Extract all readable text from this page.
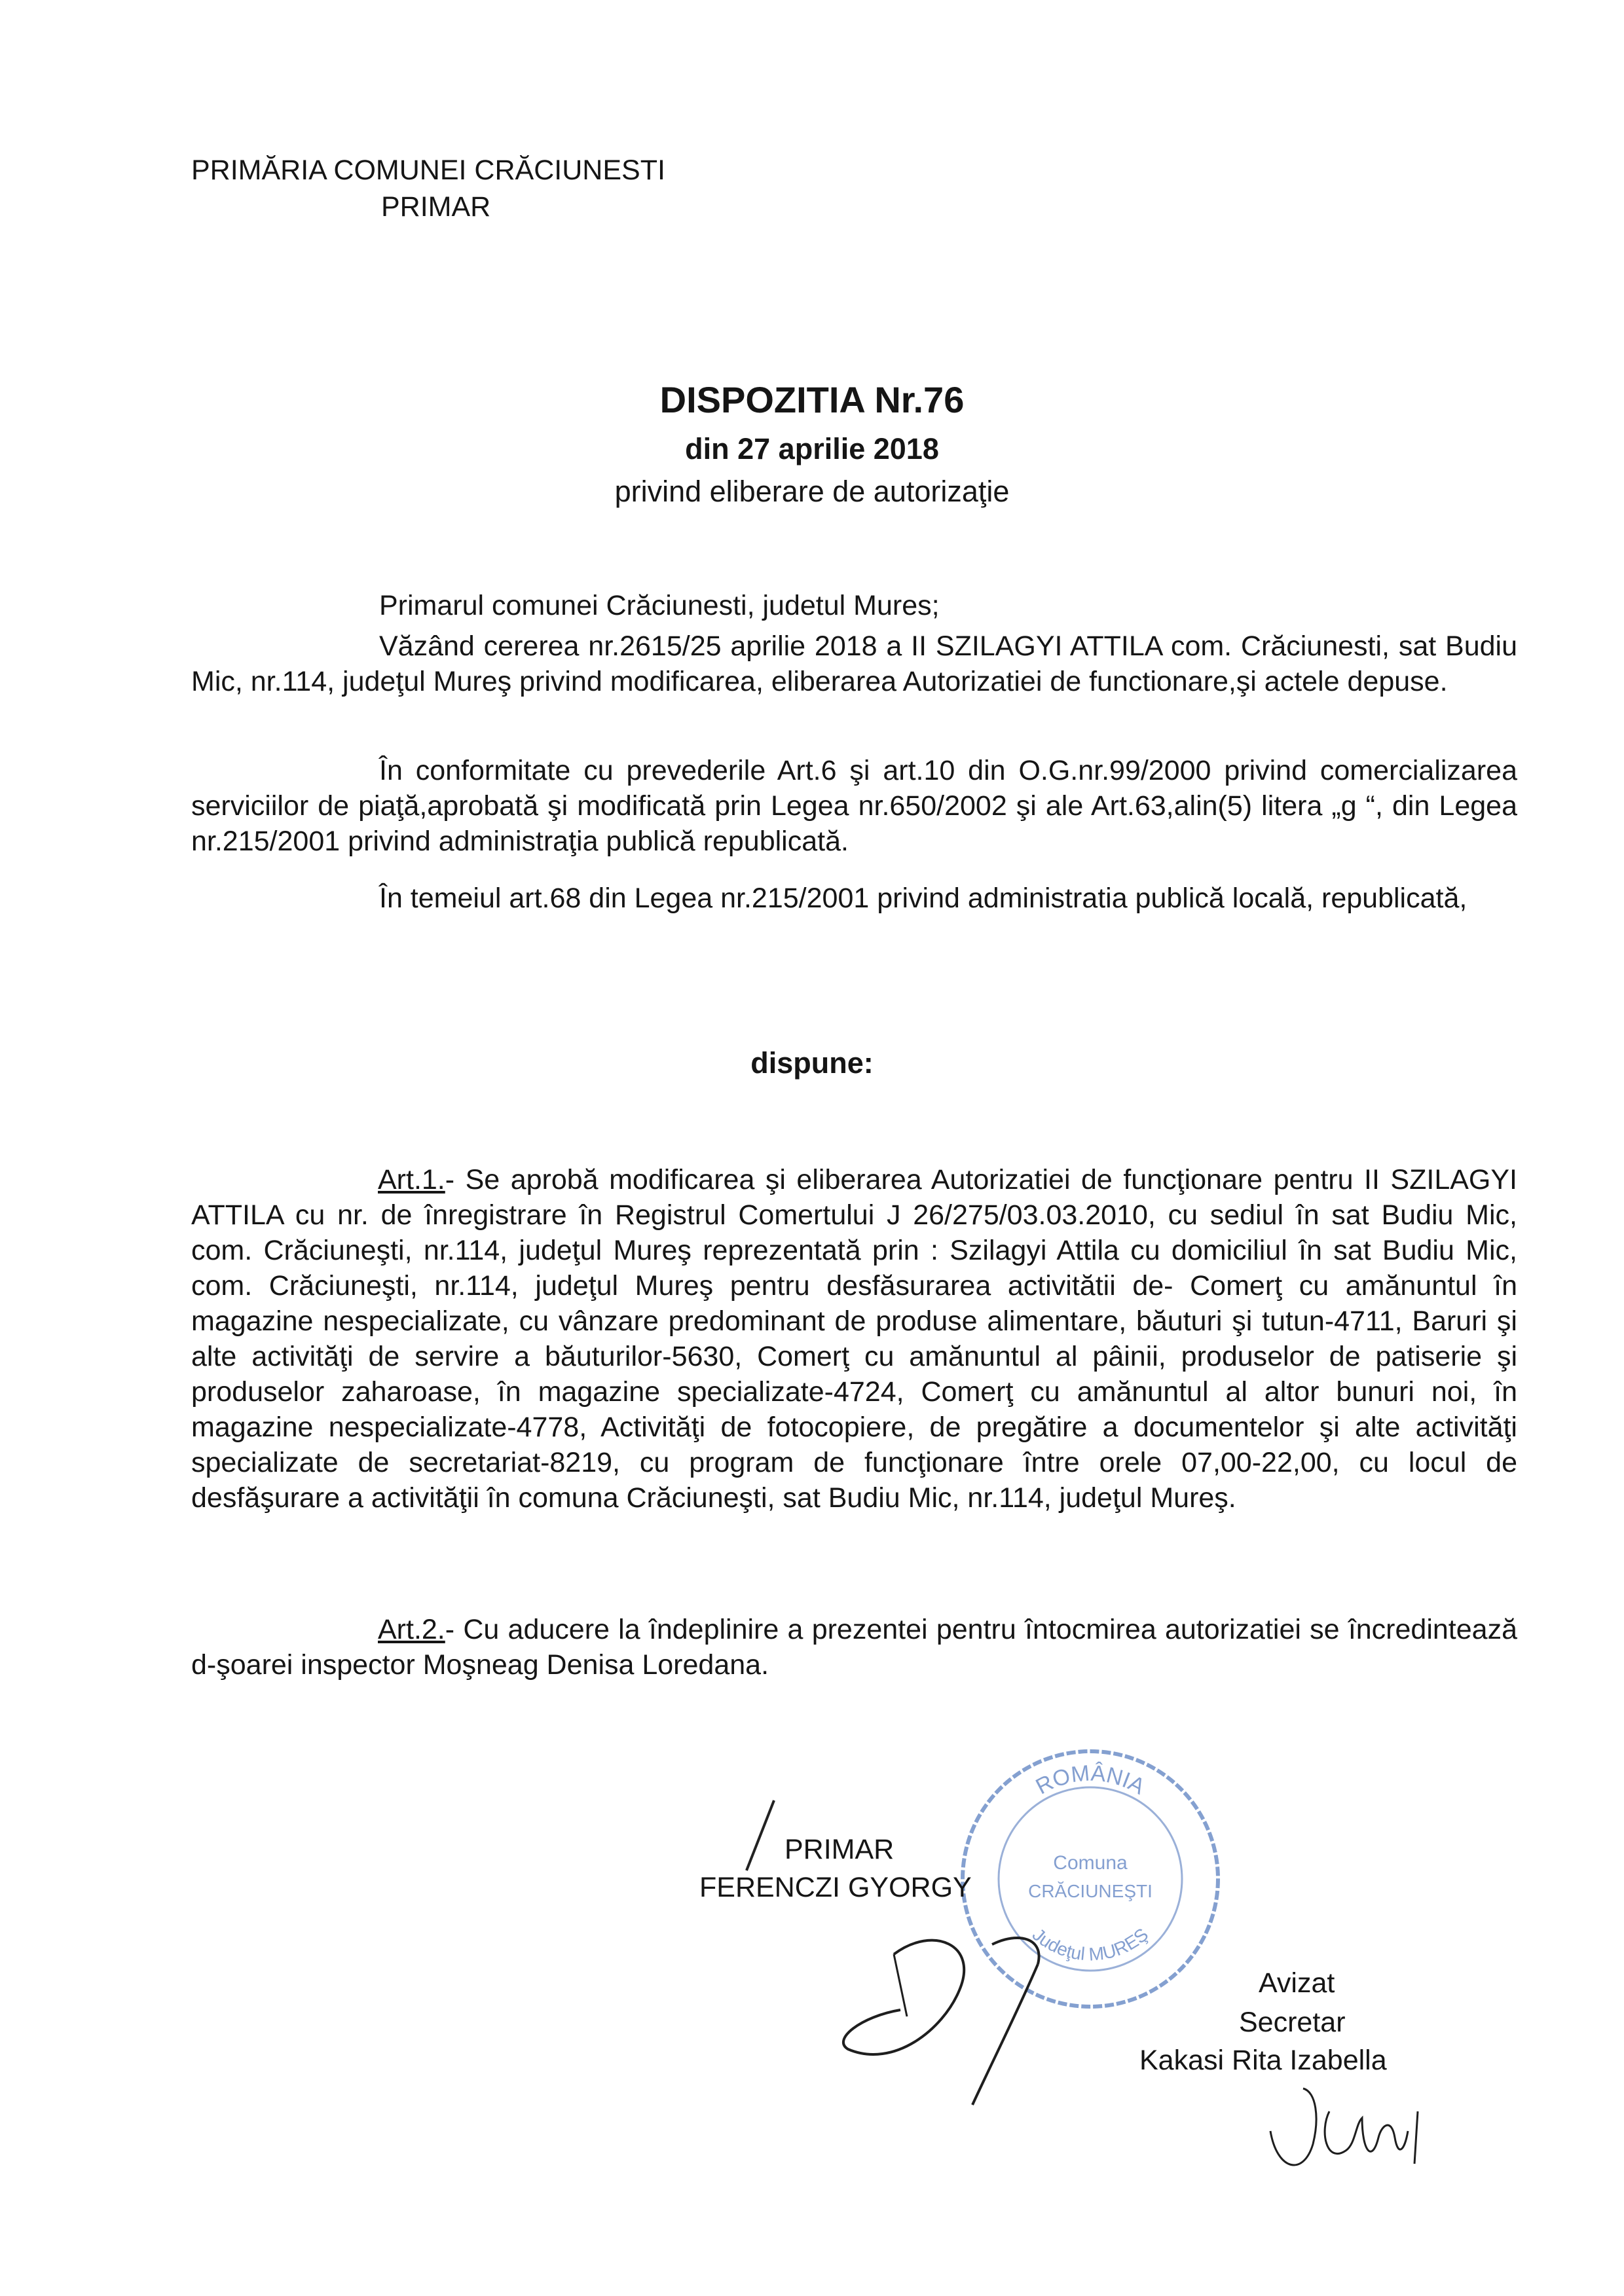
PRIMĂRIA COMUNEI CRĂCIUNESTI
PRIMAR
DISPOZITIA Nr.76
din 27 aprilie 2018
privind eliberare de autorizaţie

Primarul comunei Crăciunesti, judetul Mures;

Văzând cererea nr.2615/25 aprilie 2018 a II SZILAGYI ATTILA com. Crăciunesti, sat Budiu Mic, nr.114, judeţul Mureş privind modificarea, eliberarea Autorizatiei de functionare,şi actele depuse.

În conformitate cu prevederile Art.6 şi art.10 din O.G.nr.99/2000 privind comercializarea serviciilor de piaţă,aprobată şi modificată prin Legea nr.650/2002 şi ale Art.63,alin(5) litera „g “, din Legea nr.215/2001 privind administraţia publică republicată.

În temeiul art.68 din Legea nr.215/2001 privind administratia publică locală, republicată,

dispune:

Art.1.- Se aprobă modificarea şi eliberarea Autorizatiei de funcţionare pentru II SZILAGYI ATTILA cu nr. de înregistrare în Registrul Comertului J 26/275/03.03.2010, cu sediul în sat Budiu Mic, com. Crăciuneşti, nr.114, judeţul Mureş reprezentată prin : Szilagyi Attila cu domiciliul în sat Budiu Mic, com. Crăciuneşti, nr.114, judeţul Mureş pentru desfăsurarea activitătii de- Comerţ cu amănuntul în magazine nespecializate, cu vânzare predominant de produse alimentare, băuturi şi tutun-4711, Baruri şi alte activităţi de servire a băuturilor-5630, Comerţ cu amănuntul al pâinii, produselor de patiserie şi produselor zaharoase, în magazine specializate-4724, Comerţ cu amănuntul al altor bunuri noi, în magazine nespecializate-4778, Activităţi de fotocopiere, de pregătire a documentelor şi alte activităţi specializate de secretariat-8219, cu program de funcţionare între orele 07,00-22,00, cu locul de desfăşurare a activităţii în comuna Crăciuneşti, sat Budiu Mic, nr.114, judeţul Mureş.

Art.2.- Cu aducere la îndeplinire a prezentei pentru întocmirea autorizatiei se încredintează d-şoarei inspector Moşneag Denisa Loredana.

ROMÂNIA
Comuna
CRĂCIUNEŞTI
Judeţul MUREŞ
PRIMAR
FERENCZI GYORGY
Avizat
Secretar
Kakasi Rita Izabella
